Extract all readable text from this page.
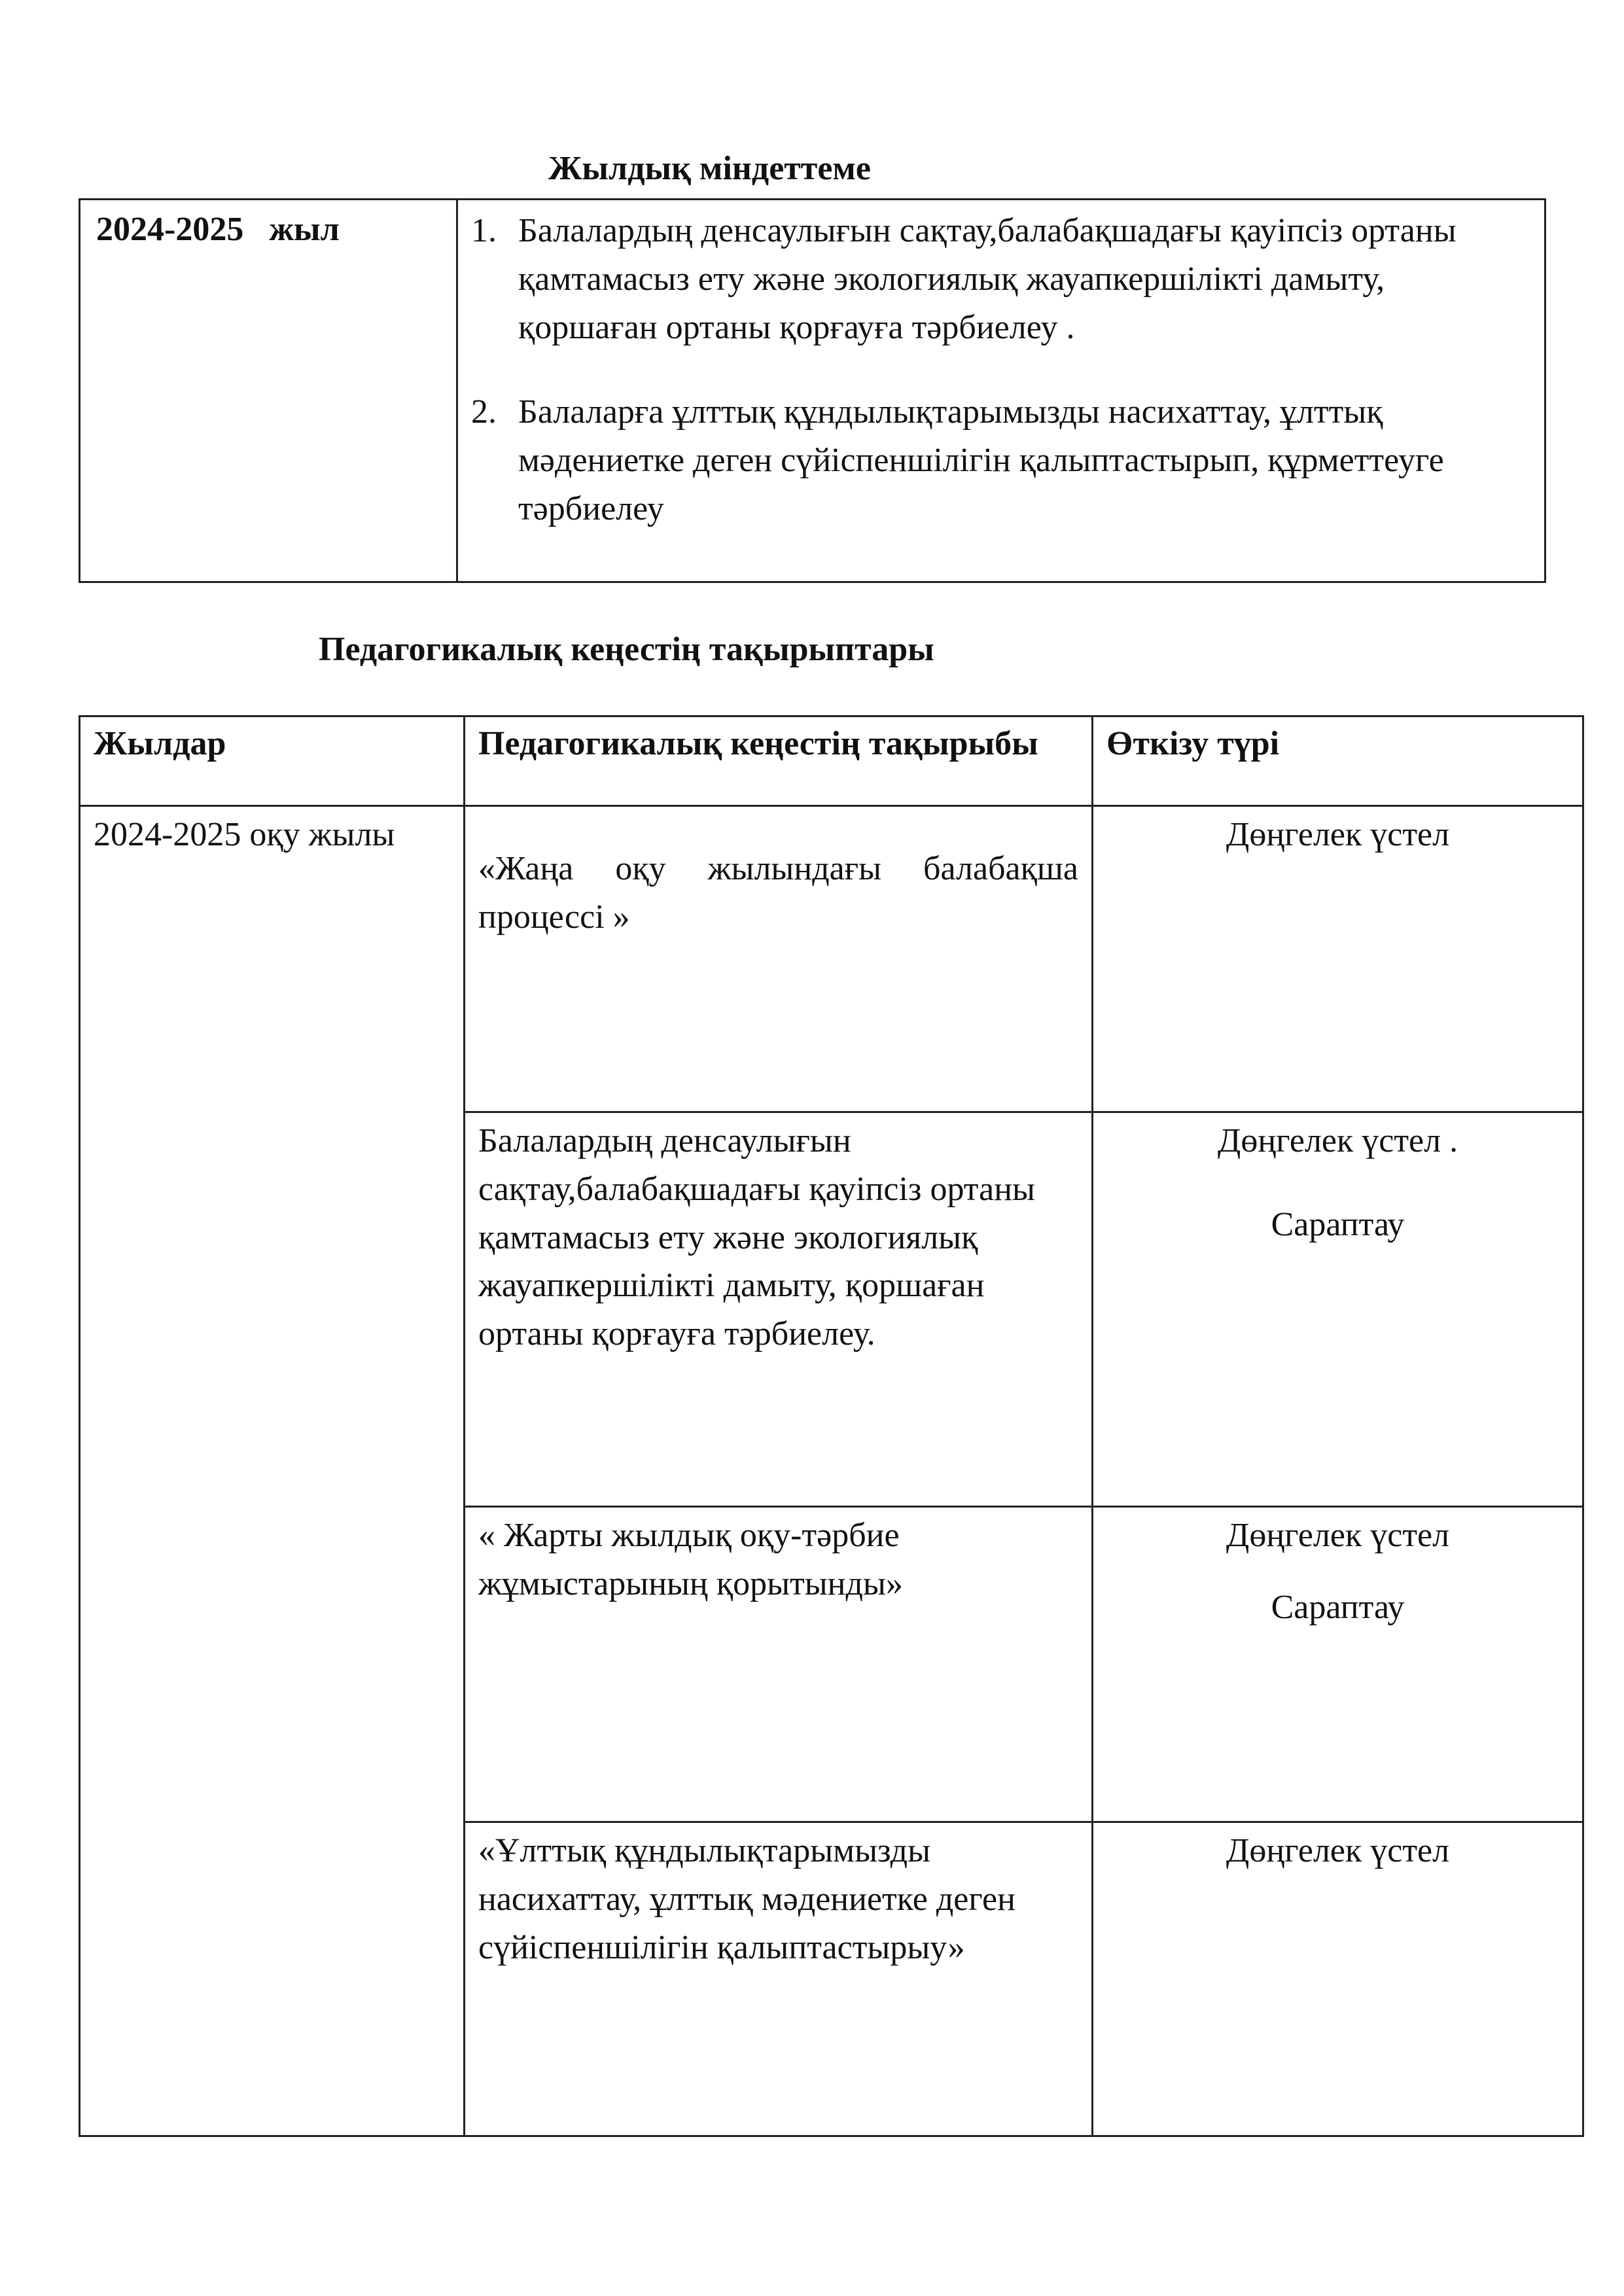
Жылдық міндеттеме
2024-2025   жыл	1. Балалардың денсаулығын сақтау,балабақшадағы қауіпсіз ортаны қамтамасыз ету және экологиялық жауапкершілікті дамыту, қоршаған ортаны қорғауға тәрбиелеу .
2. Балаларға ұлттық құндылықтарымызды насихаттау, ұлттық мәдениетке деген сүйіспеншілігін қалыптастырып, құрметтеуге тәрбиелеу
Педагогикалық кеңестің тақырыптары
Жылдар	Педагогикалық кеңестің тақырыбы	Өткізу түрі

2024-2025 оқу жылы	«Жаңа оқу жылындағы балабақша процессі »	Дөңгелек үстел

	Балалардың денсаулығын сақтау,балабақшадағы қауіпсіз ортаны қамтамасыз ету және экологиялық жауапкершілікті дамыту, қоршаған ортаны қорғауға тәрбиелеу.	Дөңгелек үстел .
Сараптау

	« Жарты жылдық оқу-тәрбие жұмыстарының қорытынды»	Дөңгелек үстел
Сараптау

	«Ұлттық құндылықтарымызды насихаттау, ұлттық мәдениетке деген сүйіспеншілігін қалыптастырыу»	Дөңгелек үстел
